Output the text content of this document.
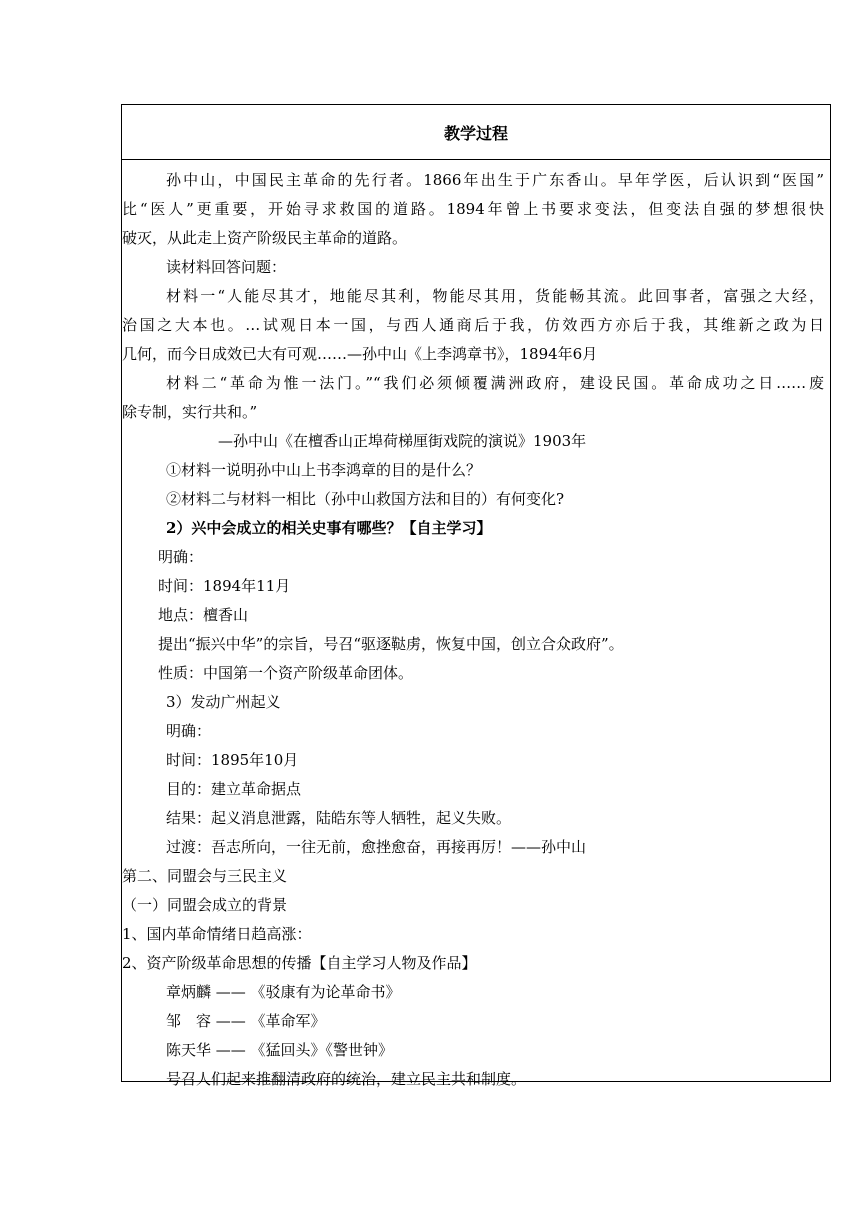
教学过程
孙中山，中国民主革命的先行者。1866年出生于广东香山。早年学医，后认识到“医国”
比“医人”更重要，开始寻求救国的道路。1894年曾上书要求变法，但变法自强的梦想很快
破灭，从此走上资产阶级民主革命的道路。
读材料回答问题：
材料一“人能尽其才，地能尽其利，物能尽其用，货能畅其流。此回事者，富强之大经，
治国之大本也。…试观日本一国，与西人通商后于我，仿效西方亦后于我，其维新之政为日
几何，而今日成效已大有可观……—孙中山《上李鸿章书》，1894年6月
材料二“革命为惟一法门。”“我们必须倾覆满洲政府，建设民国。革命成功之日……废
除专制，实行共和。”
—孙中山《在檀香山正埠荷梯厘街戏院的演说》1903年
①材料一说明孙中山上书李鸿章的目的是什么？
②材料二与材料一相比（孙中山救国方法和目的）有何变化?
2）兴中会成立的相关史事有哪些？【自主学习】
明确：
时间：1894年11月
地点：檀香山
提出“振兴中华”的宗旨，号召“驱逐鞑虏，恢复中国，创立合众政府”。
性质：中国第一个资产阶级革命团体。
3）发动广州起义
明确：
时间：1895年10月
目的：建立革命据点
结果：起义消息泄露，陆皓东等人牺牲，起义失败。
过渡：吾志所向，一往无前，愈挫愈奋，再接再厉！——孙中山
第二、同盟会与三民主义
（一）同盟会成立的背景
1、国内革命情绪日趋高涨：
2、资产阶级革命思想的传播【自主学习人物及作品】
章炳麟 —— 《驳康有为论革命书》
邹　容 —— 《革命军》
陈天华 —— 《猛回头》《警世钟》
号召人们起来推翻清政府的统治，建立民主共和制度。
